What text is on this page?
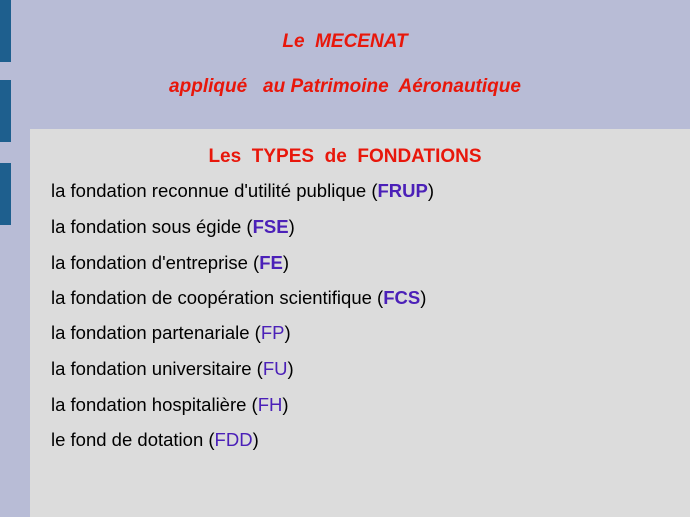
Le  MECENAT
appliqué   au Patrimoine  Aéronautique
Les  TYPES  de  FONDATIONS
la fondation reconnue d'utilité publique (FRUP)
la fondation sous égide (FSE)
la fondation d'entreprise (FE)
la fondation de coopération scientifique (FCS)
la fondation partenariale (FP)
la fondation universitaire (FU)
la fondation hospitalière (FH)
le fond de dotation (FDD)
